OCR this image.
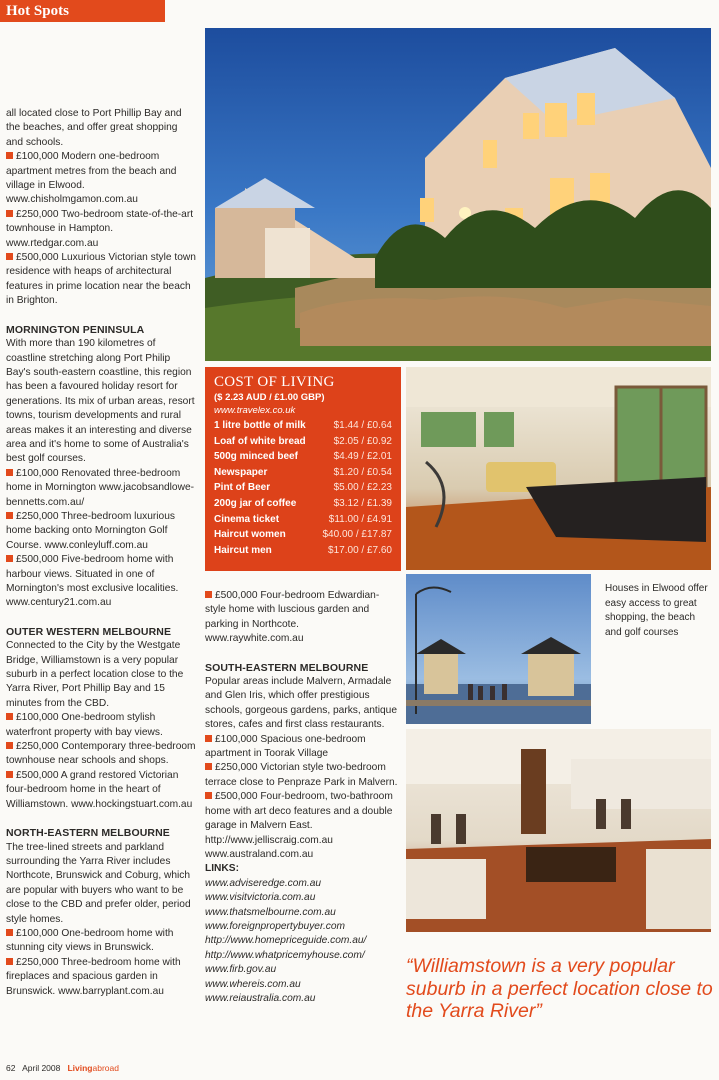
Hot Spots
COST OF LIVING
($ 2.23 AUD / £1.00 GBP)
www.travelex.co.uk
1 litre bottle of milk	$1.44 / £0.64
Loaf of white bread	$2.05 / £0.92
500g minced beef	$4.49 / £2.01
Newspaper	$1.20 / £0.54
Pint of Beer	$5.00 / £2.23
200g jar of coffee	$3.12 / £1.39
Cinema ticket	$11.00 / £4.91
Haircut women	$40.00 / £17.87
Haircut men	$17.00 / £7.60
Houses in Elwood offer easy access to great shopping, the beach and golf courses

all located close to Port Phillip Bay and the beaches, and offer great shopping and schools.

£100,000 Modern one-bedroom apartment metres from the beach and village in Elwood. www.chisholmgamon.com.au

£250,000 Two-bedroom state-of-the-art townhouse in Hampton. www.rtedgar.com.au

£500,000 Luxurious Victorian style town residence with heaps of architectural features in prime location near the beach in Brighton.

MORNINGTON PENINSULA

With more than 190 kilometres of coastline stretching along Port Philip Bay's south-eastern coastline, this region has been a favoured holiday resort for generations. Its mix of urban areas, resort towns, tourism developments and rural areas makes it an interesting and diverse area and it's home to some of Australia's best golf courses.

£100,000 Renovated three-bedroom home in Mornington www.jacobsandlowe-bennetts.com.au/

£250,000 Three-bedroom luxurious home backing onto Mornington Golf Course. www.conleyluff.com.au

£500,000 Five-bedroom home with harbour views. Situated in one of Mornington's most exclusive localities. www.century21.com.au

OUTER WESTERN MELBOURNE

Connected to the City by the Westgate Bridge, Williamstown is a very popular suburb in a perfect location close to the Yarra River, Port Phillip Bay and 15 minutes from the CBD.

£100,000 One-bedroom stylish waterfront property with bay views.

£250,000 Contemporary three-bedroom townhouse near schools and shops.

£500,000 A grand restored Victorian four-bedroom home in the heart of Williamstown. www.hockingstuart.com.au

NORTH-EASTERN MELBOURNE

The tree-lined streets and parkland surrounding the Yarra River includes Northcote, Brunswick and Coburg, which are popular with buyers who want to be close to the CBD and prefer older, period style homes.

£100,000 One-bedroom home with stunning city views in Brunswick.

£250,000 Three-bedroom home with fireplaces and spacious garden in Brunswick. www.barryplant.com.au

£500,000 Four-bedroom Edwardian-style home with luscious garden and parking in Northcote. www.raywhite.com.au

SOUTH-EASTERN MELBOURNE

Popular areas include Malvern, Armadale and Glen Iris, which offer prestigious schools, gorgeous gardens, parks, antique stores, cafes and first class restaurants.

£100,000 Spacious one-bedroom apartment in Toorak Village

£250,000 Victorian style two-bedroom terrace close to Penpraze Park in Malvern.

£500,000 Four-bedroom, two-bathroom home with art deco features and a double garage in Malvern East. http://www.jelliscraig.com.au www.australand.com.au

LINKS:

www.adviseredge.com.au

www.visitvictoria.com.au

www.thatsmelbourne.com.au

www.foreignpropertybuyer.com

http://www.homepriceguide.com.au/

http://www.whatpricemyhouse.com/

www.firb.gov.au

www.whereis.com.au

www.reiaustralia.com.au

“Williamstown is a very popular suburb in a perfect location close to the Yarra River”
62 April 2008 Livingabroad
